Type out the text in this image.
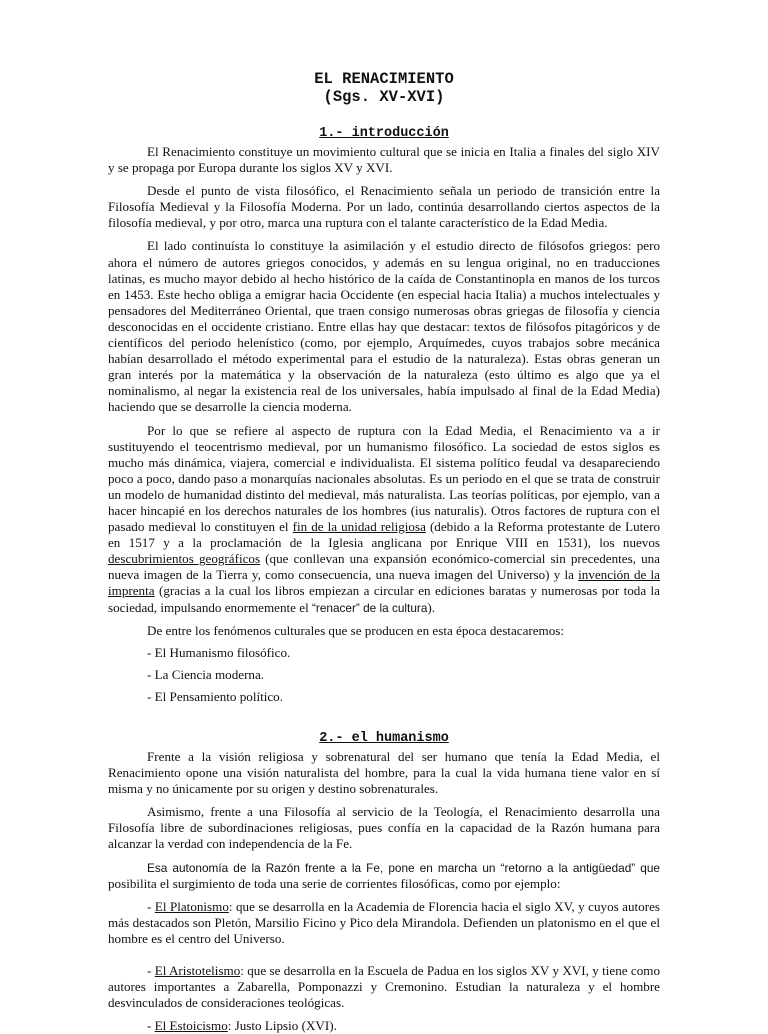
EL RENACIMIENTO
(Sgs. XV-XVI)
1.- introducción

El Renacimiento constituye un movimiento cultural que se inicia en Italia a finales del siglo XIV y se propaga por Europa durante los siglos XV y XVI.

Desde el punto de vista filosófico, el Renacimiento señala un periodo de transición entre la Filosofía Medieval y la Filosofía Moderna. Por un lado, continúa desarrollando ciertos aspectos de la filosofía medieval, y por otro, marca una ruptura con el talante característico de la Edad Media.

El lado continuísta lo constituye la asimilación y el estudio directo de filósofos griegos: pero ahora el número de autores griegos conocidos, y además en su lengua original, no en traducciones latinas, es mucho mayor debido al hecho histórico de la caída de Constantinopla en manos de los turcos en 1453. Este hecho obliga a emigrar hacia Occidente (en especial hacia Italia) a muchos intelectuales y pensadores del Mediterráneo Oriental, que traen consigo numerosas obras griegas de filosofía y ciencia desconocidas en el occidente cristiano. Entre ellas hay que destacar: textos de filósofos pitagóricos y de científicos del periodo helenístico (como, por ejemplo, Arquímedes, cuyos trabajos sobre mecánica habían desarrollado el método experimental para el estudio de la naturaleza). Estas obras generan un gran interés por la matemática y la observación de la naturaleza (esto último es algo que ya el nominalismo, al negar la existencia real de los universales, había impulsado al final de la Edad Media) haciendo que se desarrolle la ciencia moderna.

Por lo que se refiere al aspecto de ruptura con la Edad Media, el Renacimiento va a ir sustituyendo el teocentrismo medieval, por un humanismo filosófico. La sociedad de estos siglos es mucho más dinámica, viajera, comercial e individualista. El sistema político feudal va desapareciendo poco a poco, dando paso a monarquías nacionales absolutas. Es un periodo en el que se trata de construir un modelo de humanidad distinto del medieval, más naturalista. Las teorías políticas, por ejemplo, van a hacer hincapié en los derechos naturales de los hombres (ius naturalis). Otros factores de ruptura con el pasado medieval lo constituyen el fin de la unidad religiosa (debido a la Reforma protestante de Lutero en 1517 y a la proclamación de la Iglesia anglicana por Enrique VIII en 1531), los nuevos descubrimientos geográficos (que conllevan una expansión económico-comercial sin precedentes, una nueva imagen de la Tierra y, como consecuencia, una nueva imagen del Universo) y la invención de la imprenta (gracias a la cual los libros empiezan a circular en ediciones baratas y numerosas por toda la sociedad, impulsando enormemente el “renacer” de la cultura).

De entre los fenómenos culturales que se producen en esta época destacaremos:

- El Humanismo filosófico.

- La Ciencia moderna.

- El Pensamiento político.

2.- el humanismo

Frente a la visión religiosa y sobrenatural del ser humano que tenía la Edad Media, el Renacimiento opone una visión naturalista del hombre, para la cual la vida humana tiene valor en sí misma y no únicamente por su origen y destino sobrenaturales.

Asimismo, frente a una Filosofía al servicio de la Teología, el Renacimiento desarrolla una Filosofía libre de subordinaciones religiosas, pues confía en la capacidad de la Razón humana para alcanzar la verdad con independencia de la Fe.

Esa autonomía de la Razón frente a la Fe, pone en marcha un “retorno a la antigüedad” que posibilita el surgimiento de toda una serie de corrientes filosóficas, como por ejemplo:

- El Platonismo: que se desarrolla en la Academia de Florencia hacia el siglo XV, y cuyos autores más destacados son Pletón, Marsilio Ficino y Pico dela Mirandola. Defienden un platonismo en el que el hombre es el centro del Universo.

- El Aristotelismo: que se desarrolla en la Escuela de Padua en los siglos XV y XVI, y tiene como autores importantes a Zabarella, Pomponazzi y Cremonino. Estudian la naturaleza y el hombre desvinculados de consideraciones teológicas.

- El Estoicismo: Justo Lipsio (XVI).
